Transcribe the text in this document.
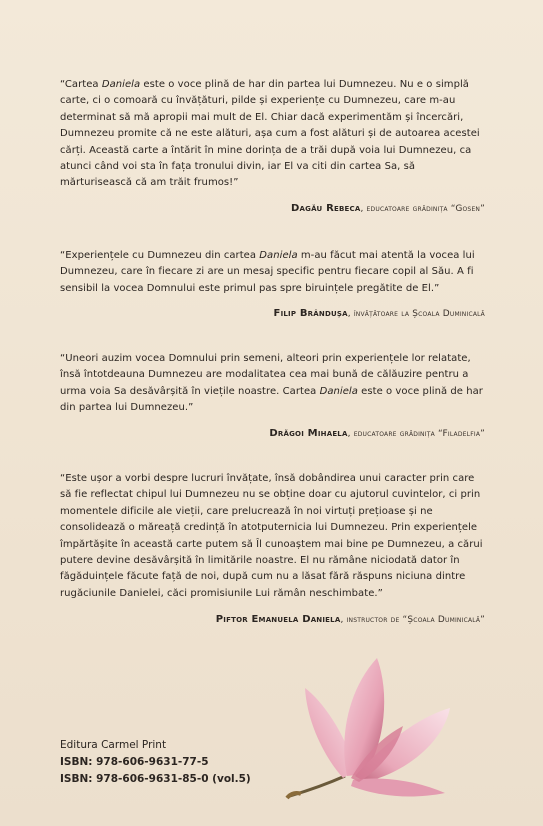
“Cartea Daniela este o voce plină de har din partea lui Dumnezeu. Nu e o simplă carte, ci o comoară cu învățături, pilde și experiențe cu Dumnezeu, care m-au determinat să mă apropii mai mult de El. Chiar dacă experimentăm și încercări, Dumnezeu promite că ne este alături, așa cum a fost alături și de autoarea acestei cărți. Această carte a întărit în mine dorința de a trăi după voia lui Dumnezeu, ca atunci când voi sta în fața tronului divin, iar El va citi din cartea Sa, să mărturisească că am trăit frumos!”

Dagău Rebeca, educatoare grădinița “Gosen”

“Experiențele cu Dumnezeu din cartea Daniela m-au făcut mai atentă la vocea lui Dumnezeu, care în fiecare zi are un mesaj specific pentru fiecare copil al Său. A fi sensibil la vocea Domnului este primul pas spre biruințele pregătite de El.”

Filip Brândușa, învățătoare la Școala Duminicală

“Uneori auzim vocea Domnului prin semeni, alteori prin experiențele lor relatate, însă întotdeauna Dumnezeu are modalitatea cea mai bună de călăuzire pentru a urma voia Sa desăvârșită în viețile noastre. Cartea Daniela este o voce plină de har din partea lui Dumnezeu.”

Drăgoi Mihaela, educatoare grădinița “Filadelfia”

“Este ușor a vorbi despre lucruri învățate, însă dobândirea unui caracter prin care să fie reflectat chipul lui Dumnezeu nu se obține doar cu ajutorul cuvintelor, ci prin momentele dificile ale vieții, care prelucrează în noi virtuți prețioase și ne consolidează o măreață credință în atotputernicia lui Dumnezeu. Prin experiențele împărtășite în această carte putem să Îl cunoaștem mai bine pe Dumnezeu, a cărui putere devine desăvârșită în limitările noastre. El nu rămâne niciodată dator în făgăduințele făcute față de noi, după cum nu a lăsat fără răspuns niciuna dintre rugăciunile Danielei, căci promisiunile Lui rămân neschimbate.”

Piftor Emanuela Daniela, instructor de “Școala Duminicală”
Editura Carmel Print
ISBN: 978-606-9631-77-5
ISBN: 978-606-9631-85-0 (vol.5)
